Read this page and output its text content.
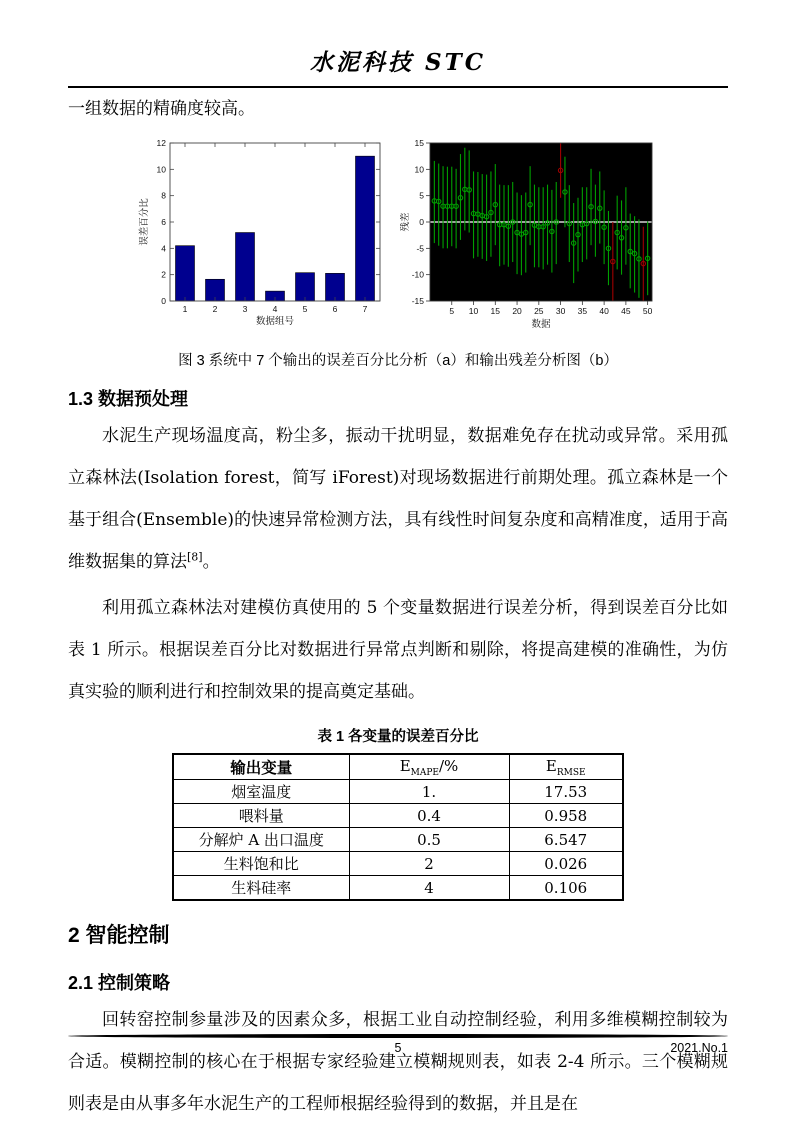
水泥科技 STC
一组数据的精确度较高。
0
2
4
6
8
10
12
1	2	3	4	5	6	7
误差百分比
数据组号
-15
-10
-5
0
5
10
15
5 10 15 20 25 30 35 40 45 50
残差
数据
图 3 系统中 7 个输出的误差百分比分析（a）和输出残差分析图（b）
1.3 数据预处理

水泥生产现场温度高，粉尘多，振动干扰明显，数据难免存在扰动或异常。采用孤立森林法(Isolation forest，简写 iForest)对现场数据进行前期处理。孤立森林是一个基于组合(Ensemble)的快速异常检测方法，具有线性时间复杂度和高精准度，适用于高维数据集的算法[8]。

利用孤立森林法对建模仿真使用的 5 个变量数据进行误差分析，得到误差百分比如表 1 所示。根据误差百分比对数据进行异常点判断和剔除，将提高建模的准确性，为仿真实验的顺利进行和控制效果的提高奠定基础。

表 1 各变量的误差百分比
输出变量	$E_{MAPE}/\%$	$E_{RMSE}$
烟室温度	1.	17.53
喂料量	0.4	0.958
分解炉 A 出口温度	0.5	6.547
生料饱和比	2	0.026
生料硅率	4	0.106
2 智能控制
2.1 控制策略

回转窑控制参量涉及的因素众多，根据工业自动控制经验，利用多维模糊控制较为合适。模糊控制的核心在于根据专家经验建立模糊规则表，如表 2-4 所示。三个模糊规则表是由从事多年水泥生产的工程师根据经验得到的数据，并且是在

5	2021.No.1
